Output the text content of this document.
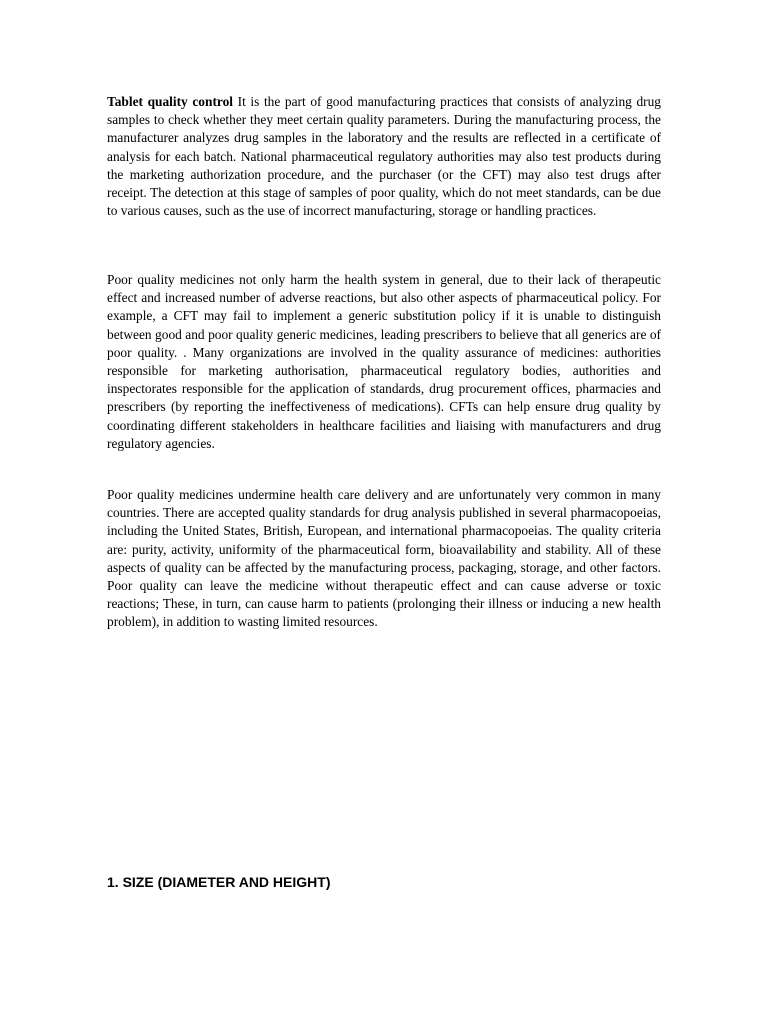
Tablet quality control It is the part of good manufacturing practices that consists of analyzing drug samples to check whether they meet certain quality parameters. During the manufacturing process, the manufacturer analyzes drug samples in the laboratory and the results are reflected in a certificate of analysis for each batch. National pharmaceutical regulatory authorities may also test products during the marketing authorization procedure, and the purchaser (or the CFT) may also test drugs after receipt. The detection at this stage of samples of poor quality, which do not meet standards, can be due to various causes, such as the use of incorrect manufacturing, storage or handling practices.

Poor quality medicines not only harm the health system in general, due to their lack of therapeutic effect and increased number of adverse reactions, but also other aspects of pharmaceutical policy. For example, a CFT may fail to implement a generic substitution policy if it is unable to distinguish between good and poor quality generic medicines, leading prescribers to believe that all generics are of poor quality. . Many organizations are involved in the quality assurance of medicines: authorities responsible for marketing authorisation, pharmaceutical regulatory bodies, authorities and inspectorates responsible for the application of standards, drug procurement offices, pharmacies and prescribers (by reporting the ineffectiveness of medications). CFTs can help ensure drug quality by coordinating different stakeholders in healthcare facilities and liaising with manufacturers and drug regulatory agencies.

Poor quality medicines undermine health care delivery and are unfortunately very common in many countries. There are accepted quality standards for drug analysis published in several pharmacopoeias, including the United States, British, European, and international pharmacopoeias. The quality criteria are: purity, activity, uniformity of the pharmaceutical form, bioavailability and stability. All of these aspects of quality can be affected by the manufacturing process, packaging, storage, and other factors. Poor quality can leave the medicine without therapeutic effect and can cause adverse or toxic reactions; These, in turn, can cause harm to patients (prolonging their illness or inducing a new health problem), in addition to wasting limited resources.

1. SIZE (DIAMETER AND HEIGHT)
